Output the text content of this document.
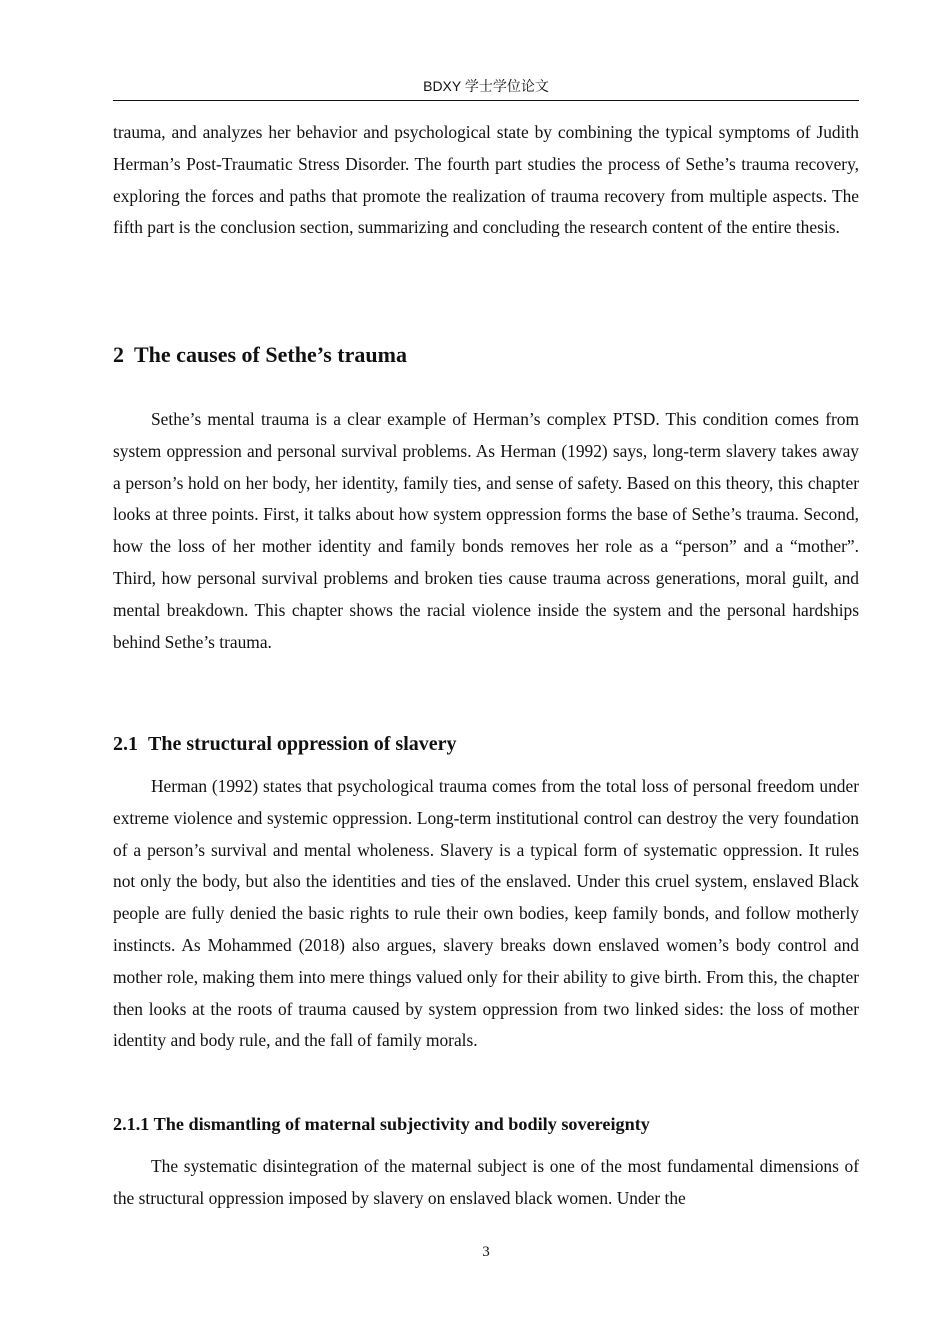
BDXY 学士学位论文

trauma, and analyzes her behavior and psychological state by combining the typical symptoms of Judith Herman’s Post-Traumatic Stress Disorder. The fourth part studies the process of Sethe’s trauma recovery, exploring the forces and paths that promote the realization of trauma recovery from multiple aspects. The fifth part is the conclusion section, summarizing and concluding the research content of the entire thesis.

2 The causes of Sethe’s trauma

Sethe’s mental trauma is a clear example of Herman’s complex PTSD. This condition comes from system oppression and personal survival problems. As Herman (1992) says, long-term slavery takes away a person’s hold on her body, her identity, family ties, and sense of safety. Based on this theory, this chapter looks at three points. First, it talks about how system oppression forms the base of Sethe’s trauma. Second, how the loss of her mother identity and family bonds removes her role as a “person” and a “mother”. Third, how personal survival problems and broken ties cause trauma across generations, moral guilt, and mental breakdown. This chapter shows the racial violence inside the system and the personal hardships behind Sethe’s trauma.

2.1 The structural oppression of slavery

Herman (1992) states that psychological trauma comes from the total loss of personal freedom under extreme violence and systemic oppression. Long-term institutional control can destroy the very foundation of a person’s survival and mental wholeness. Slavery is a typical form of systematic oppression. It rules not only the body, but also the identities and ties of the enslaved. Under this cruel system, enslaved Black people are fully denied the basic rights to rule their own bodies, keep family bonds, and follow motherly instincts. As Mohammed (2018) also argues, slavery breaks down enslaved women’s body control and mother role, making them into mere things valued only for their ability to give birth. From this, the chapter then looks at the roots of trauma caused by system oppression from two linked sides: the loss of mother identity and body rule, and the fall of family morals.

2.1.1 The dismantling of maternal subjectivity and bodily sovereignty

The systematic disintegration of the maternal subject is one of the most fundamental dimensions of the structural oppression imposed by slavery on enslaved black women. Under the

3
